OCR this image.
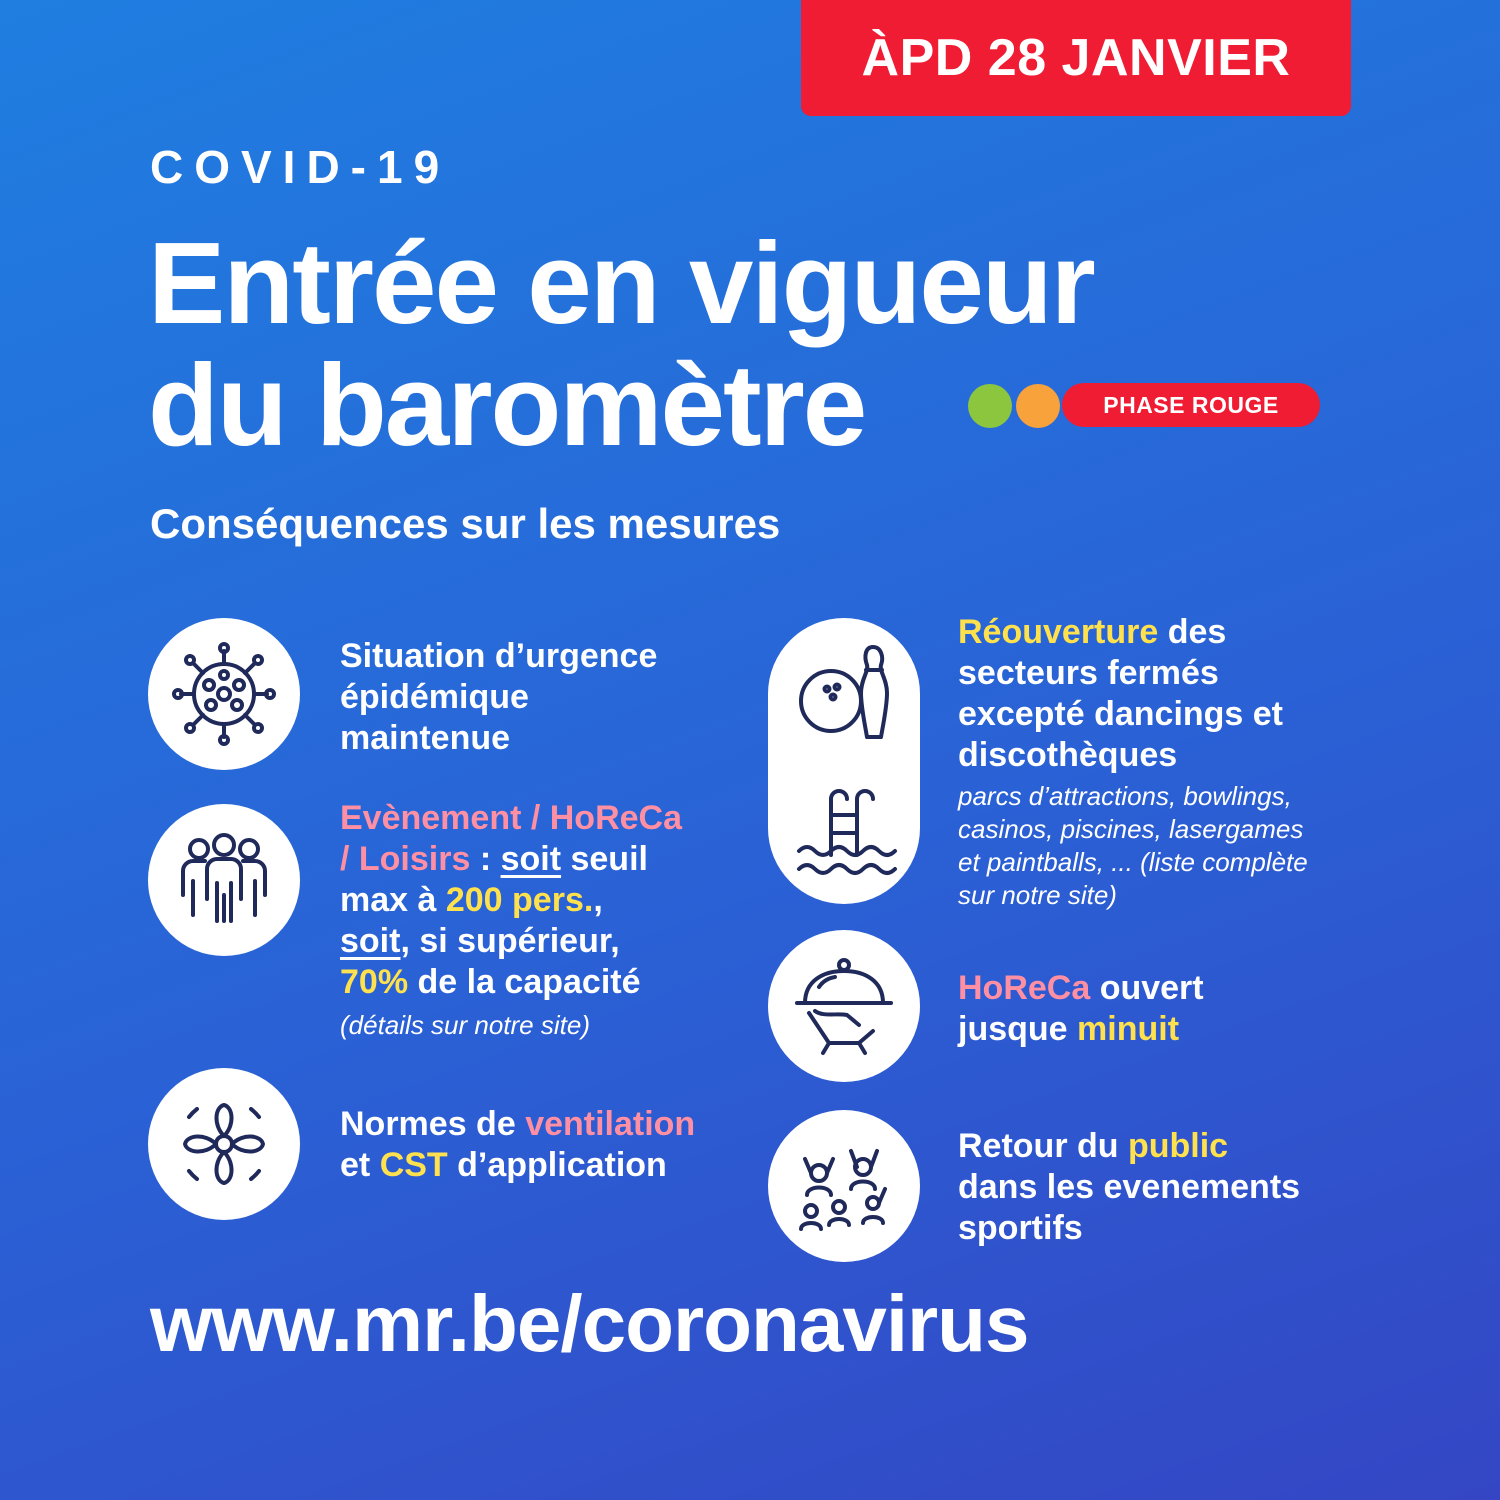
ÀPD 28 JANVIER
COVID-19
Entrée en vigueur
du baromètre	PHASE ROUGE
Conséquences sur les mesures
Situation d’urgence
épidémique
maintenue
Evènement / HoReCa
/ Loisirs : soit seuil
max à 200 pers.,
soit, si supérieur,
70% de la capacité
(détails sur notre site)
Normes de ventilation
et CST d’application
Réouverture des
secteurs fermés
excepté dancings et
discothèques
parcs d’attractions, bowlings,
casinos, piscines, lasergames
et paintballs, ... (liste complète
sur notre site)
HoReCa ouvert
jusque minuit
Retour du public
dans les evenements
sportifs
www.mr.be/coronavirus
